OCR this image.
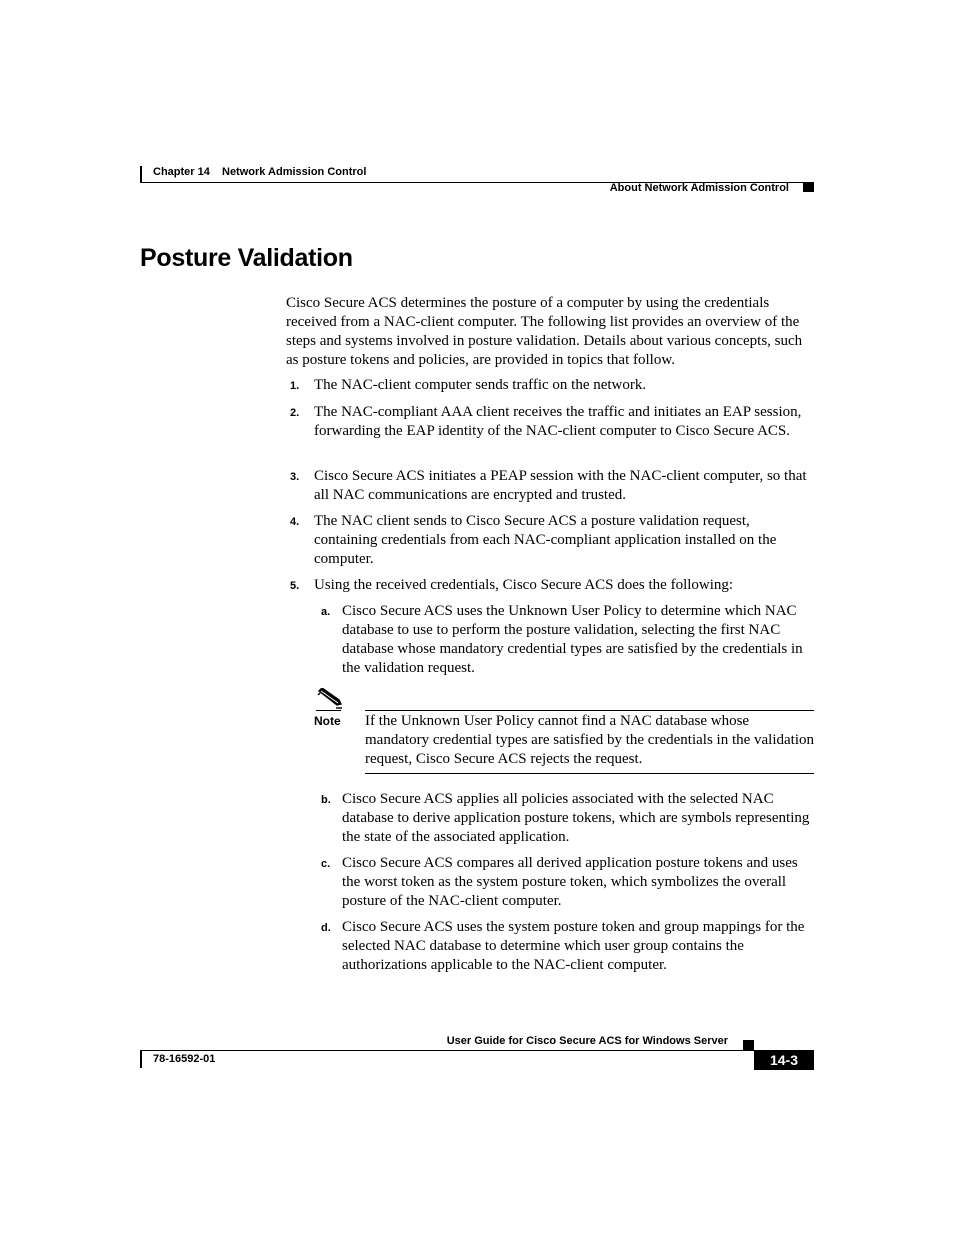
Chapter 14 Network Admission Control
About Network Admission Control
Posture Validation
Cisco Secure ACS determines the posture of a computer by using the credentials received from a NAC-client computer. The following list provides an overview of the steps and systems involved in posture validation. Details about various concepts, such as posture tokens and policies, are provided in topics that follow.
1. The NAC-client computer sends traffic on the network.
2. The NAC-compliant AAA client receives the traffic and initiates an EAP session, forwarding the EAP identity of the NAC-client computer to Cisco Secure ACS.
3. Cisco Secure ACS initiates a PEAP session with the NAC-client computer, so that all NAC communications are encrypted and trusted.
4. The NAC client sends to Cisco Secure ACS a posture validation request, containing credentials from each NAC-compliant application installed on the computer.
5. Using the received credentials, Cisco Secure ACS does the following:
a. Cisco Secure ACS uses the Unknown User Policy to determine which NAC database to use to perform the posture validation, selecting the first NAC database whose mandatory credential types are satisfied by the credentials in the validation request.
Note If the Unknown User Policy cannot find a NAC database whose mandatory credential types are satisfied by the credentials in the validation request, Cisco Secure ACS rejects the request.
b. Cisco Secure ACS applies all policies associated with the selected NAC database to derive application posture tokens, which are symbols representing the state of the associated application.
c. Cisco Secure ACS compares all derived application posture tokens and uses the worst token as the system posture token, which symbolizes the overall posture of the NAC-client computer.
d. Cisco Secure ACS uses the system posture token and group mappings for the selected NAC database to determine which user group contains the authorizations applicable to the NAC-client computer.
User Guide for Cisco Secure ACS for Windows Server
78-16592-01	14-3
